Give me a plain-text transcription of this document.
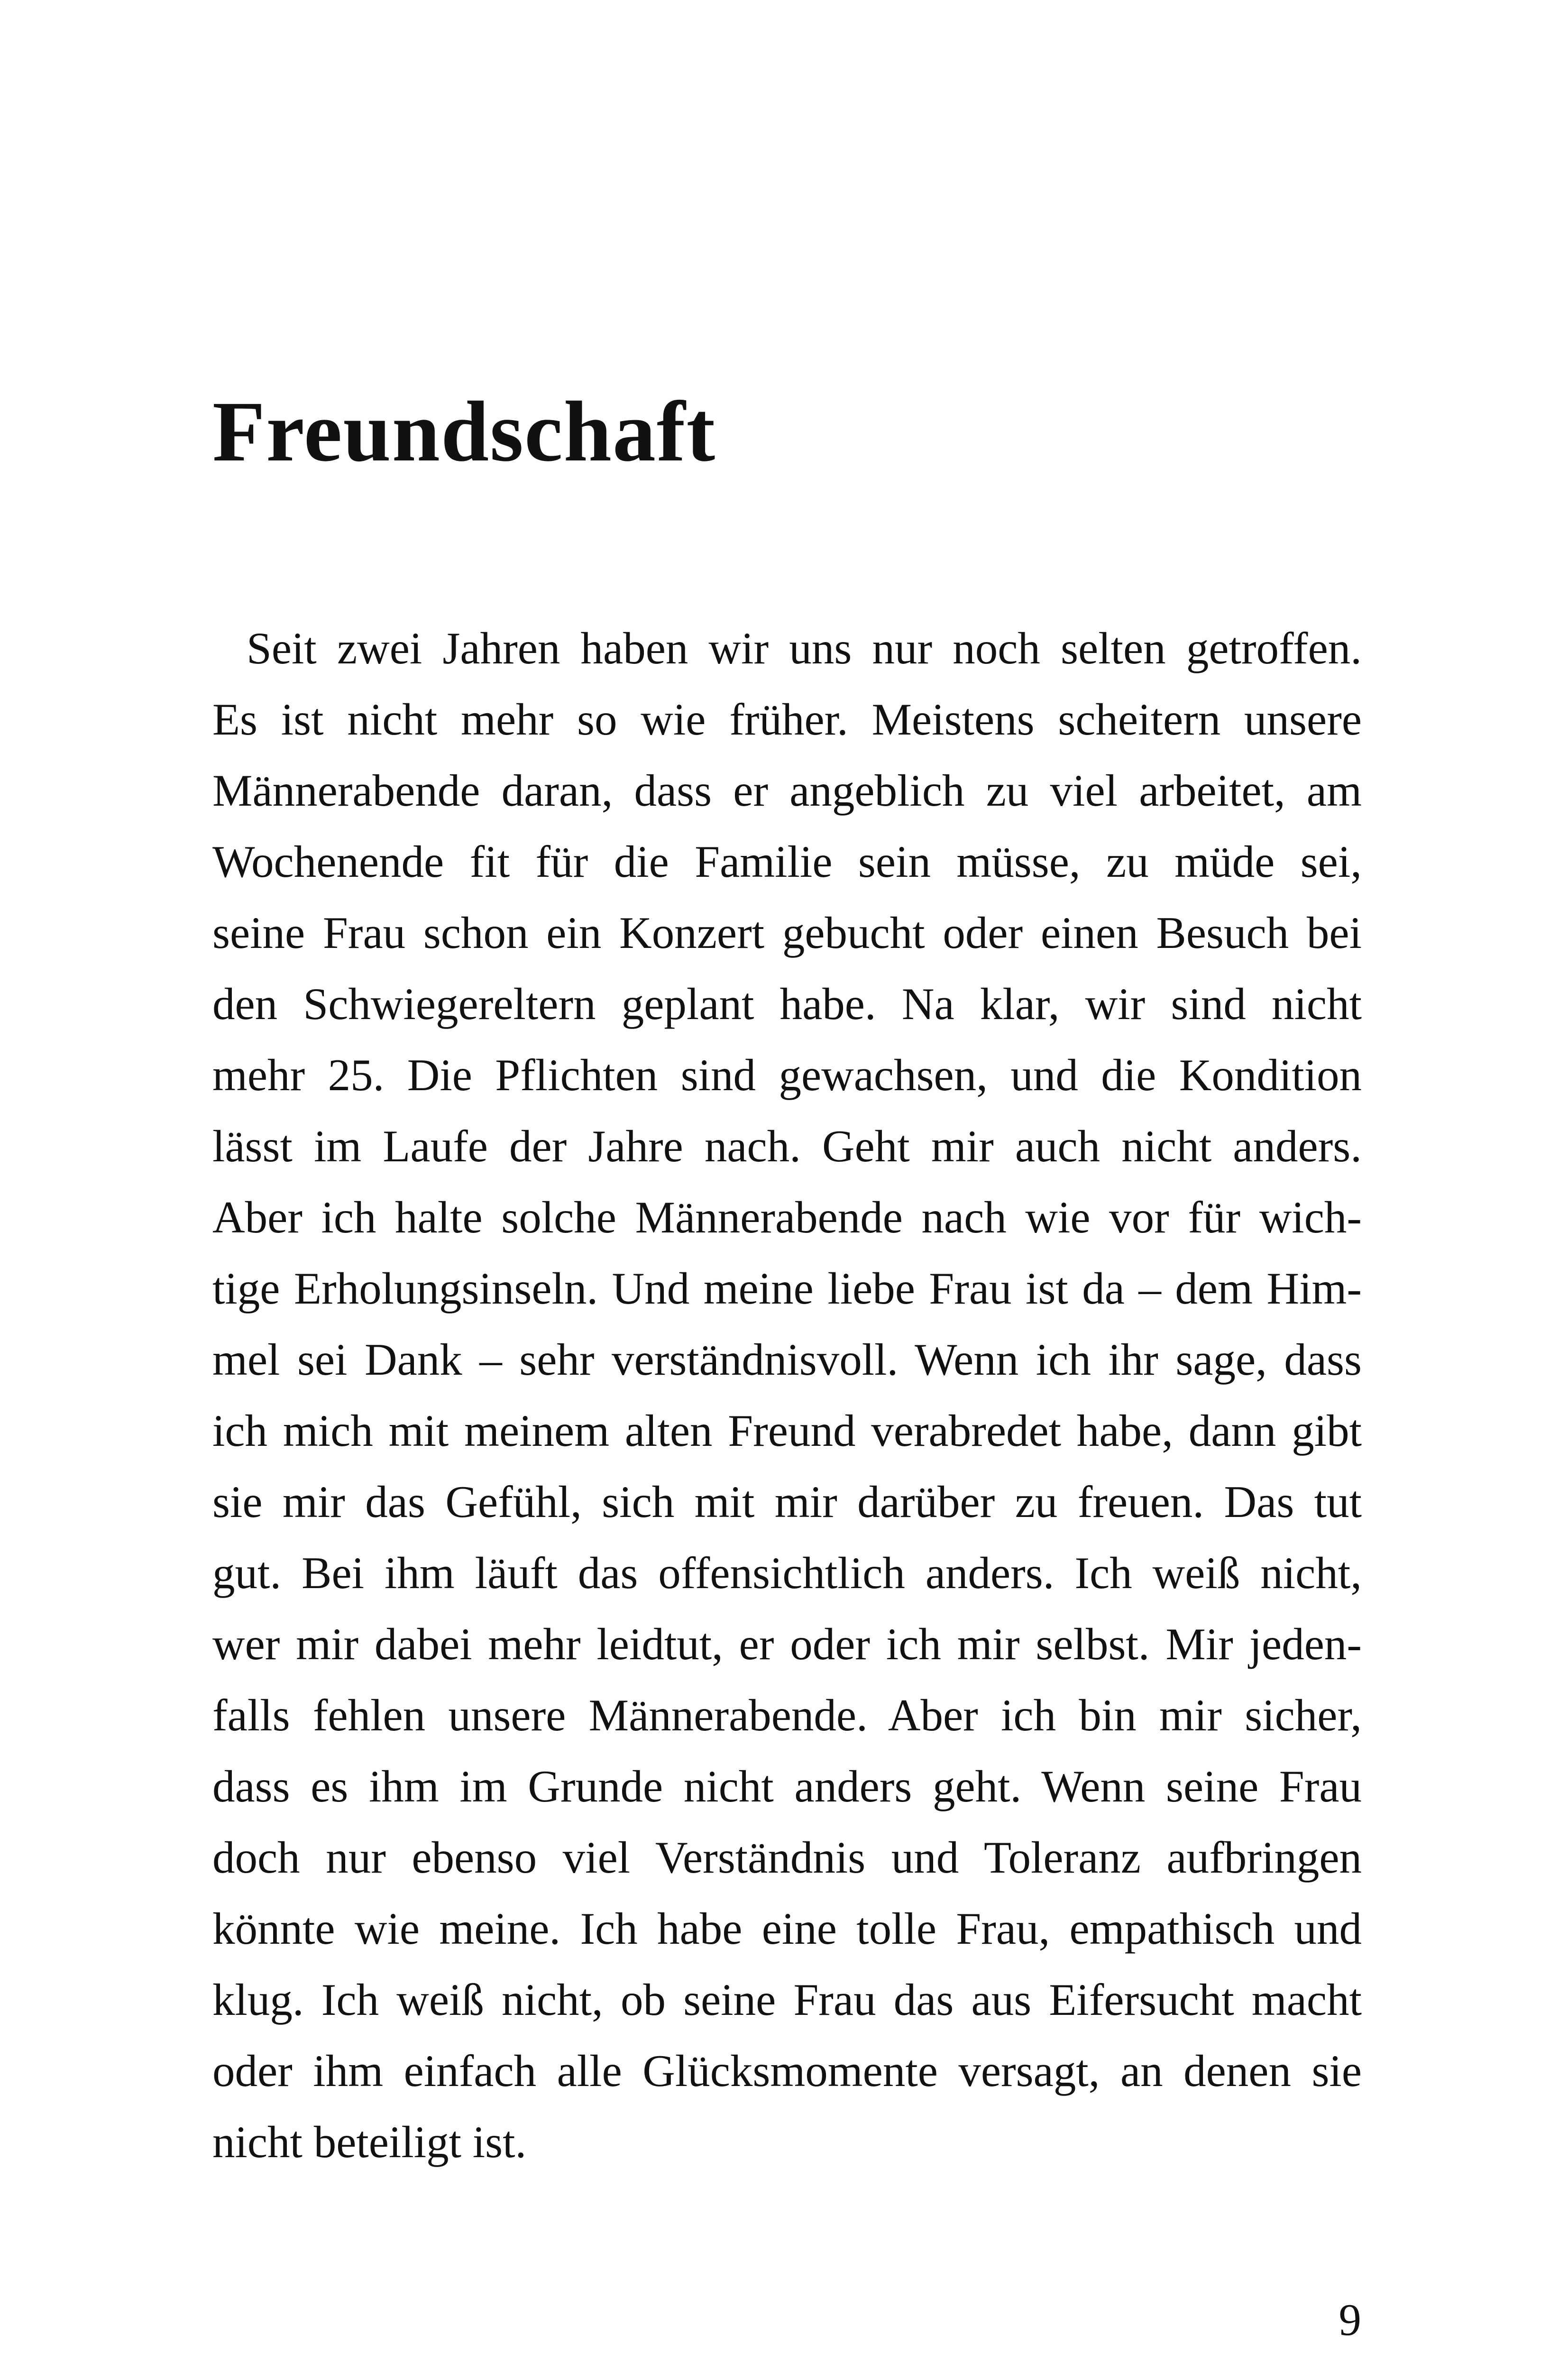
Freundschaft
Seit zwei Jahren haben wir uns nur noch selten getroffen.
Es ist nicht mehr so wie früher. Meistens scheitern unsere
Männerabende daran, dass er angeblich zu viel arbeitet, am
Wochenende fit für die Familie sein müsse, zu müde sei,
seine Frau schon ein Konzert gebucht oder einen Besuch bei
den Schwiegereltern geplant habe. Na klar, wir sind nicht
mehr 25. Die Pflichten sind gewachsen, und die Kondition
lässt im Laufe der Jahre nach. Geht mir auch nicht anders.
Aber ich halte solche Männerabende nach wie vor für wich-
tige Erholungsinseln. Und meine liebe Frau ist da – dem Him-
mel sei Dank – sehr verständnisvoll. Wenn ich ihr sage, dass
ich mich mit meinem alten Freund verabredet habe, dann gibt
sie mir das Gefühl, sich mit mir darüber zu freuen. Das tut
gut. Bei ihm läuft das offensichtlich anders. Ich weiß nicht,
wer mir dabei mehr leidtut, er oder ich mir selbst. Mir jeden-
falls fehlen unsere Männerabende. Aber ich bin mir sicher,
dass es ihm im Grunde nicht anders geht. Wenn seine Frau
doch nur ebenso viel Verständnis und Toleranz aufbringen
könnte wie meine. Ich habe eine tolle Frau, empathisch und
klug. Ich weiß nicht, ob seine Frau das aus Eifersucht macht
oder ihm einfach alle Glücksmomente versagt, an denen sie
nicht beteiligt ist.
9
